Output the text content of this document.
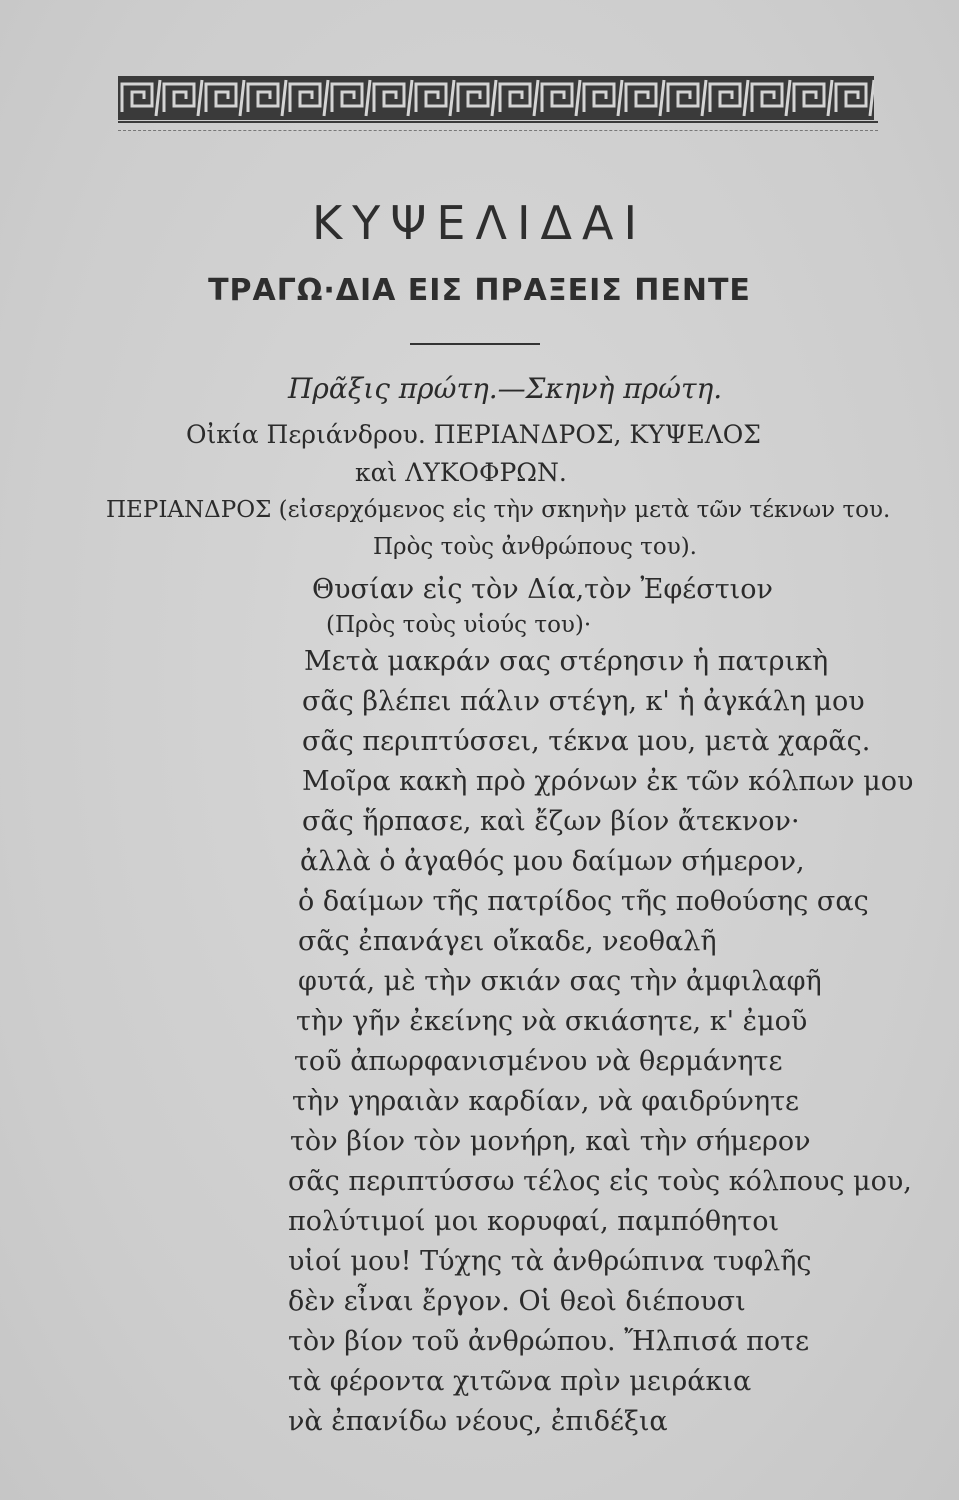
ΚΥΨΕΛΙΔΑΙ
ΤΡΑΓΩ·ΔΙΑ ΕΙΣ ΠΡΑΞΕΙΣ ΠΕΝΤΕ
Πρᾶξις πρώτη.—Σκηνὴ πρώτη.
Οἰκία Περιάνδρου. ΠΕΡΙΑΝΔΡΟΣ, ΚΥΨΕΛΟΣ
καὶ ΛΥΚΟΦΡΩΝ.
ΠΕΡΙΑΝΔΡΟΣ (εἰσερχόμενος εἰς τὴν σκηνὴν μετὰ τῶν τέκνων του.
Πρὸς τοὺς ἀνθρώπους του).
Θυσίαν εἰς τὸν Δία,τὸν Ἐφέστιον
(Πρὸς τοὺς υἱούς του)·
Μετὰ μακράν σας στέρησιν ἡ πατρικὴ
σᾶς βλέπει πάλιν στέγη, κ' ἡ ἀγκάλη μου
σᾶς περιπτύσσει, τέκνα μου, μετὰ χαρᾶς.
Μοῖρα κακὴ πρὸ χρόνων ἐκ τῶν κόλπων μου
σᾶς ἥρπασε, καὶ ἔζων βίον ἄτεκνον·
ἀλλὰ ὁ ἀγαθός μου δαίμων σήμερον,
ὁ δαίμων τῆς πατρίδος τῆς ποθούσης σας
σᾶς ἐπανάγει οἴκαδε, νεοθαλῆ
φυτά, μὲ τὴν σκιάν σας τὴν ἀμφιλαφῆ
τὴν γῆν ἐκείνης νὰ σκιάσητε, κ' ἐμοῦ
τοῦ ἀπωρφανισμένου νὰ θερμάνητε
τὴν γηραιὰν καρδίαν, νὰ φαιδρύνητε
τὸν βίον τὸν μονήρη, καὶ τὴν σήμερον
σᾶς περιπτύσσω τέλος εἰς τοὺς κόλπους μου,
πολύτιμοί μοι κορυφαί, παμπόθητοι
υἱοί μου! Τύχης τὰ ἀνθρώπινα τυφλῆς
δὲν εἶναι ἔργον. Οἱ θεοὶ διέπουσι
τὸν βίον τοῦ ἀνθρώπου. Ἤλπισά ποτε
τὰ φέροντα χιτῶνα πρὶν μειράκια
νὰ ἐπανίδω νέους, ἐπιδέξια
